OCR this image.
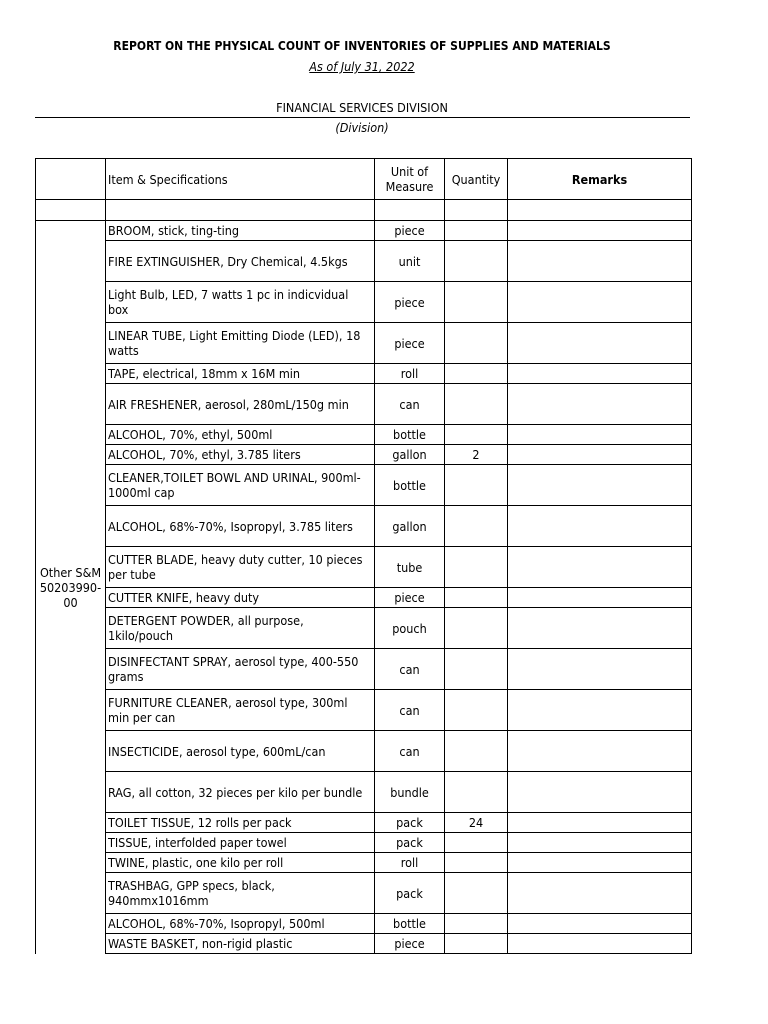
REPORT ON THE PHYSICAL COUNT OF INVENTORIES OF SUPPLIES AND MATERIALS
As of July 31, 2022
FINANCIAL SERVICES DIVISION
(Division)
	Item & Specifications	Unit of Measure	Quantity	Remarks

Other S&M 50203990-00	BROOM, stick, ting-ting	piece		
	FIRE EXTINGUISHER, Dry Chemical, 4.5kgs	unit		
	Light Bulb, LED, 7 watts 1 pc in indicvidual box	piece		
	LINEAR TUBE, Light Emitting Diode (LED), 18 watts	piece		
	TAPE, electrical, 18mm x 16M min	roll		
	AIR FRESHENER, aerosol, 280mL/150g min	can		
	ALCOHOL, 70%, ethyl, 500ml	bottle		
	ALCOHOL, 70%, ethyl, 3.785 liters	gallon	2	
	CLEANER,TOILET BOWL AND URINAL, 900ml-1000ml cap	bottle		
	ALCOHOL, 68%-70%, Isopropyl, 3.785 liters	gallon		
	CUTTER BLADE, heavy duty cutter, 10 pieces per tube	tube		
	CUTTER KNIFE, heavy duty	piece		
	DETERGENT POWDER, all purpose, 1kilo/pouch	pouch		
	DISINFECTANT SPRAY, aerosol type, 400-550 grams	can		
	FURNITURE CLEANER, aerosol type, 300ml min per can	can		
	INSECTICIDE, aerosol type, 600mL/can	can		
	RAG, all cotton, 32 pieces per kilo per bundle	bundle		
	TOILET TISSUE, 12 rolls per pack	pack	24	
	TISSUE, interfolded paper towel	pack		
	TWINE, plastic, one kilo per roll	roll		
	TRASHBAG, GPP specs, black, 940mmx1016mm	pack		
	ALCOHOL, 68%-70%, Isopropyl, 500ml	bottle		
	WASTE BASKET, non-rigid plastic	piece		
